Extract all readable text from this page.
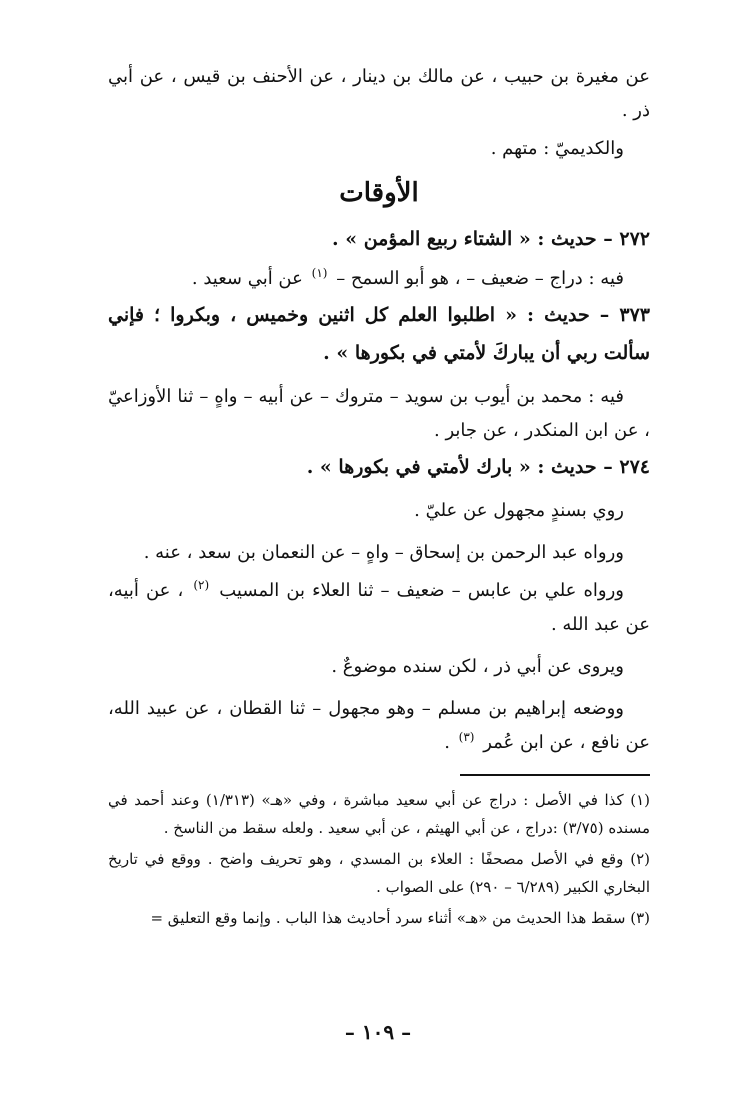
عن مغيرة بن حبيب ، عن مالك بن دينار ، عن الأحنف بن قيس ، عن أبي ذر .

والكديميّ : متهم .

الأوقات

٢٧٢ – حديث : « الشتاء ربيع المؤمن » .

فيه : دراج – ضعيف – ، هو أبو السمح – $^{(١)}$ عن أبي سعيد .

٣٧٣ – حديث : « اطلبوا العلم كل اثنين وخميس ، وبكروا ؛ فإني سألت ربي أن يباركَ لأمتي في بكورها » .

فيه : محمد بن أيوب بن سويد – متروك – عن أبيه – واهٍ – ثنا الأوزاعيّ ، عن ابن المنكدر ، عن جابر .

٢٧٤ – حديث : « بارك لأمتي في بكورها » .

روي بسندٍ مجهول عن عليّ .

ورواه عبد الرحمن بن إسحاق – واهٍ – عن النعمان بن سعد ، عنه .

ورواه علي بن عابس – ضعيف – ثنا العلاء بن المسيب $^{(٢)}$ ، عن أبيه، عن عبد الله .

ويروى عن أبي ذر ، لكن سنده موضوعٌ .

ووضعه إبراهيم بن مسلم – وهو مجهول – ثنا القطان ، عن عبيد الله، عن نافع ، عن ابن عُمر $^{(٣)}$ .

(١) كذا في الأصل : دراج عن أبي سعيد مباشرة ، وفي «هـ» (١/٣١٣) وعند أحمد في مسنده (٣/٧٥) :دراج ، عن أبي الهيثم ، عن أبي سعيد . ولعله سقط من الناسخ .

(٢) وقع في الأصل مصحفًا : العلاء بن المسدي ، وهو تحريف واضح . ووقع في تاريخ البخاري الكبير (٦/٢٨٩ – ٢٩٠) على الصواب .

(٣) سقط هذا الحديث من «هـ» أثناء سرد أحاديث هذا الباب . وإنما وقع التعليق =

– ١٠٩ –
